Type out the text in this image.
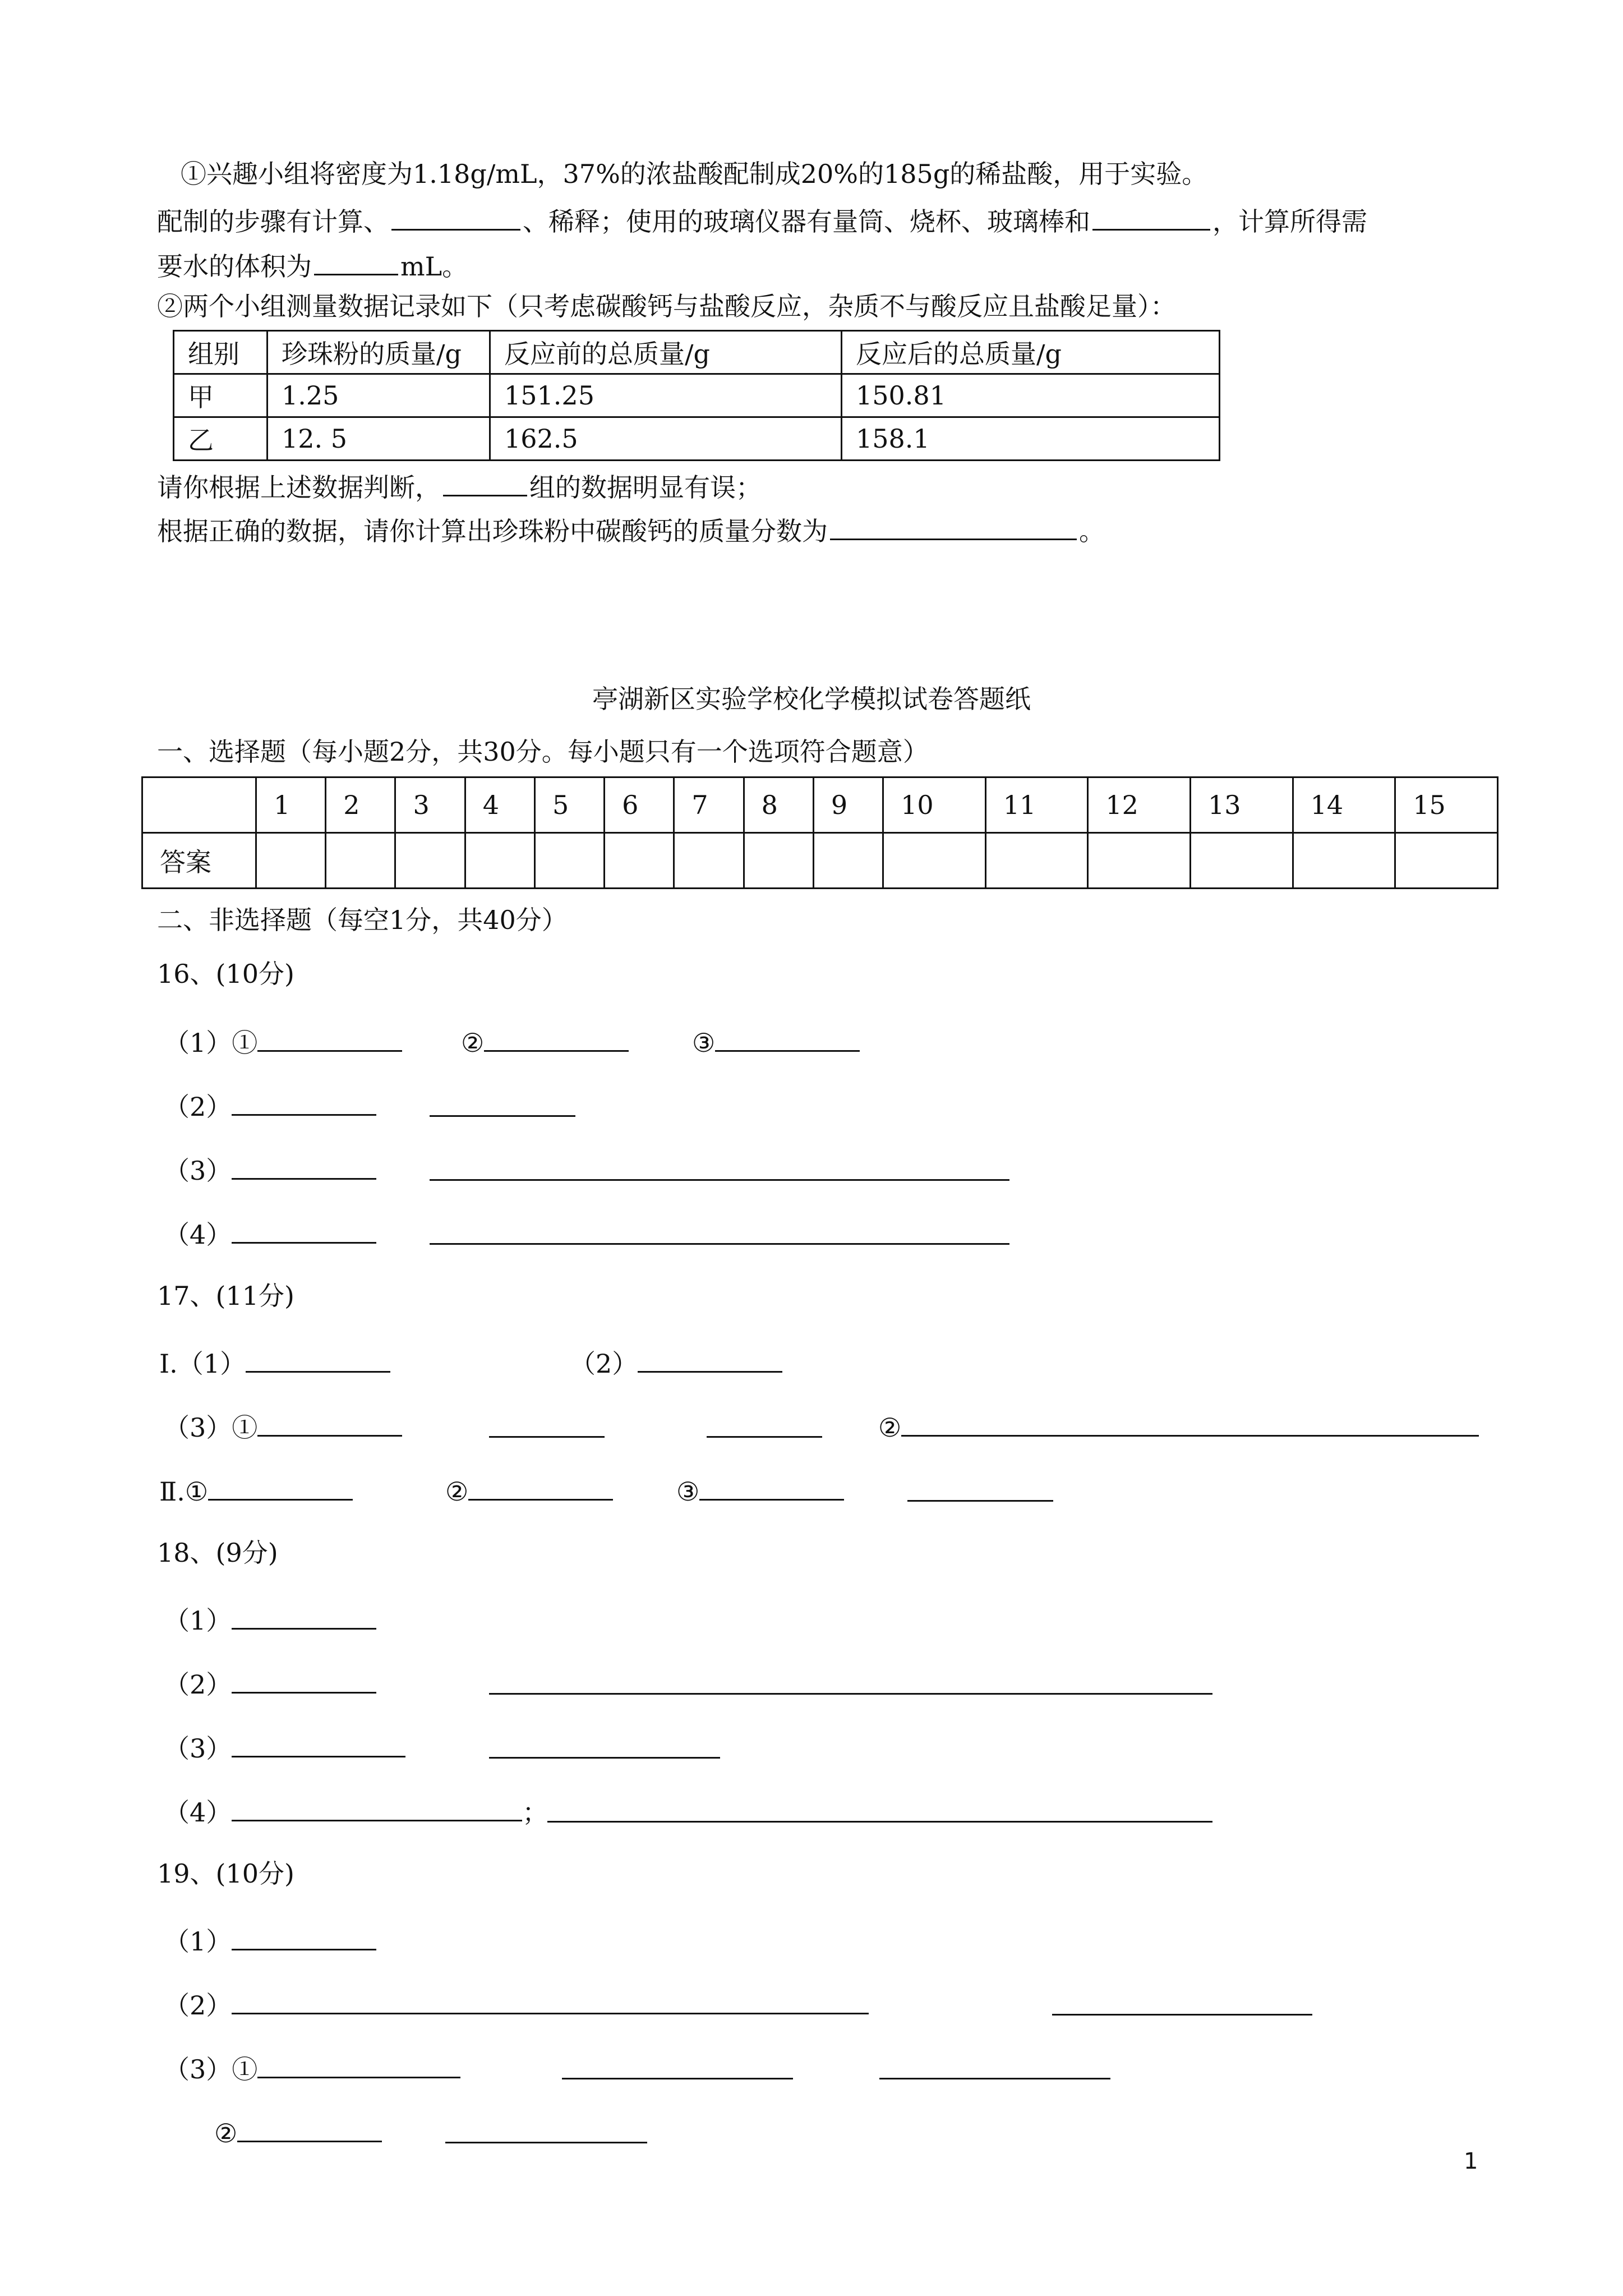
①兴趣小组将密度为1.18g/mL，37%的浓盐酸配制成20%的185g的稀盐酸，用于实验。
配制的步骤有计算、	、稀释；使用的玻璃仪器有量筒、烧杯、玻璃棒和	，计算所得需
要水的体积为	mL。
②两个小组测量数据记录如下（只考虑碳酸钙与盐酸反应，杂质不与酸反应且盐酸足量）：
组别	珍珠粉的质量/g	反应前的总质量/g	反应后的总质量/g
甲	1.25	151.25	150.81
乙	12. 5	162.5	158.1
请你根据上述数据判断，	组的数据明显有误；
根据正确的数据，请你计算出珍珠粉中碳酸钙的质量分数为	。
亭湖新区实验学校化学模拟试卷答题纸
一、选择题（每小题2分，共30分。每小题只有一个选项符合题意）
	1	2	3	4	5	6	7	8	9	10	11	12	13	14	15
答案															
二、非选择题（每空1分，共40分）
16、(10分)
（1）①	②	③
（2）
（3）
（4）
17、(11分)
Ⅰ.（1）	（2）
（3）①	②
Ⅱ.①	②	③
18、(9分)
（1）
（2）
（3）
（4）	；
19、(10分)
（1）
（2）
（3）①
②
1
